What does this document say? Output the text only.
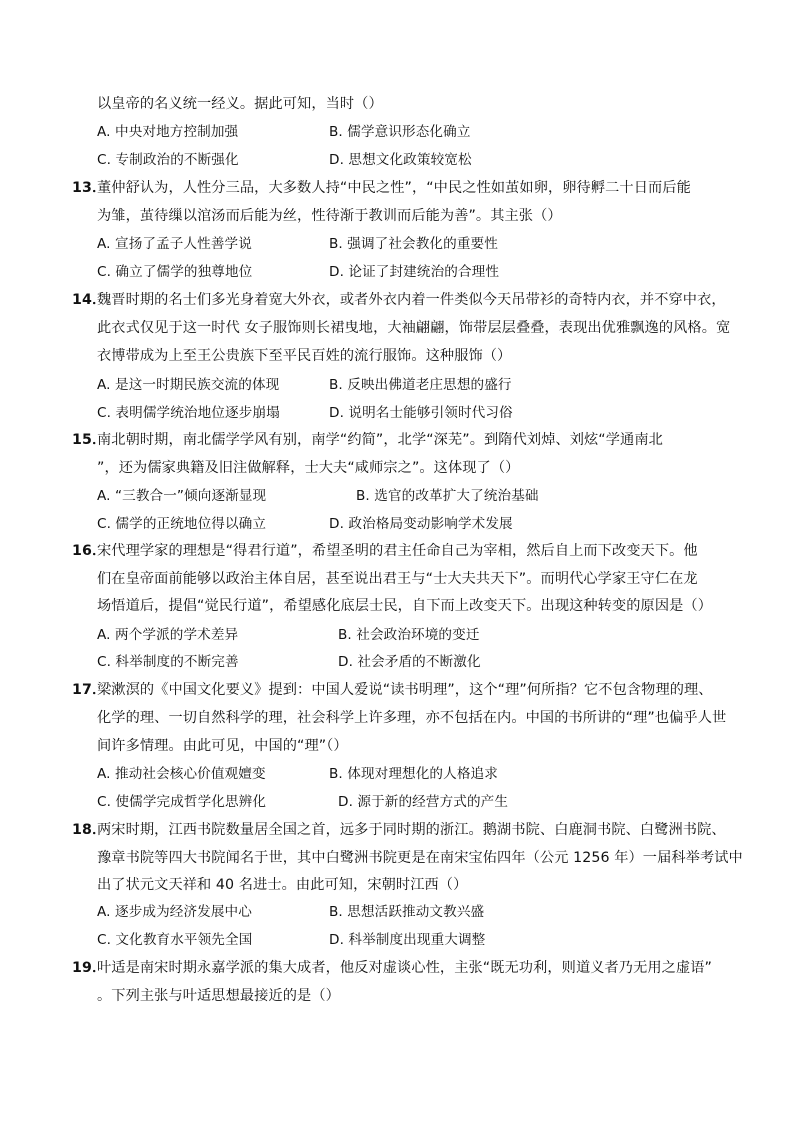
以皇帝的名义统一经义。据此可知，当时（）
A. 中央对地方控制加强	B. 儒学意识形态化确立
C. 专制政治的不断强化	D. 思想文化政策较宽松
13．
董仲舒认为，人性分三品，大多数人持“中民之性”，“中民之性如茧如卵，卵待孵二十日而后能
为雏，茧待缫以涫汤而后能为丝，性待渐于教训而后能为善”。其主张（）
A. 宣扬了孟子人性善学说	B. 强调了社会教化的重要性
C. 确立了儒学的独尊地位	D. 论证了封建统治的合理性
14．
魏晋时期的名士们多光身着宽大外衣，或者外衣内着一件类似今天吊带衫的奇特内衣，并不穿中衣，
此衣式仅见于这一时代 女子服饰则长裙曳地，大袖翩翩，饰带层层叠叠，表现出优雅飘逸的风格。宽
衣博带成为上至王公贵族下至平民百姓的流行服饰。这种服饰（）
A. 是这一时期民族交流的体现	B. 反映出佛道老庄思想的盛行
C. 表明儒学统治地位逐步崩塌	D. 说明名士能够引领时代习俗
15．
南北朝时期，南北儒学学风有别，南学“约简”，北学“深芜”。到隋代刘焯、刘炫“学通南北
”，还为儒家典籍及旧注做解释，士大夫“咸师宗之”。这体现了（）
A. “三教合一”倾向逐渐显现	B. 选官的改革扩大了统治基础
C. 儒学的正统地位得以确立	D. 政治格局变动影响学术发展
16．
宋代理学家的理想是“得君行道”，希望圣明的君主任命自己为宰相，然后自上而下改变天下。他
们在皇帝面前能够以政治主体自居，甚至说出君王与“士大夫共天下”。而明代心学家王守仁在龙
场悟道后，提倡“觉民行道”，希望感化底层士民，自下而上改变天下。出现这种转变的原因是（）
A. 两个学派的学术差异	B. 社会政治环境的变迁
C. 科举制度的不断完善	D. 社会矛盾的不断激化
17．
梁漱溟的《中国文化要义》提到：中国人爱说“读书明理”，这个“理”何所指？它不包含物理的理、
化学的理、一切自然科学的理，社会科学上许多理，亦不包括在内。中国的书所讲的“理”也偏乎人世
间许多情理。由此可见，中国的“理”（）
A. 推动社会核心价值观嬗变	B. 体现对理想化的人格追求
C. 使儒学完成哲学化思辨化	D. 源于新的经营方式的产生
18．
两宋时期，江西书院数量居全国之首，远多于同时期的浙江。鹅湖书院、白鹿洞书院、白鹭洲书院、
豫章书院等四大书院闻名于世，其中白鹭洲书院更是在南宋宝佑四年（公元 1256 年）一届科举考试中
出了状元文天祥和 40 名进士。由此可知，宋朝时江西（）
A. 逐步成为经济发展中心	B. 思想活跃推动文教兴盛
C. 文化教育水平领先全国	D. 科举制度出现重大调整
19．
叶适是南宋时期永嘉学派的集大成者，他反对虚谈心性，主张“既无功利，则道义者乃无用之虚语”
。下列主张与叶适思想最接近的是（）
